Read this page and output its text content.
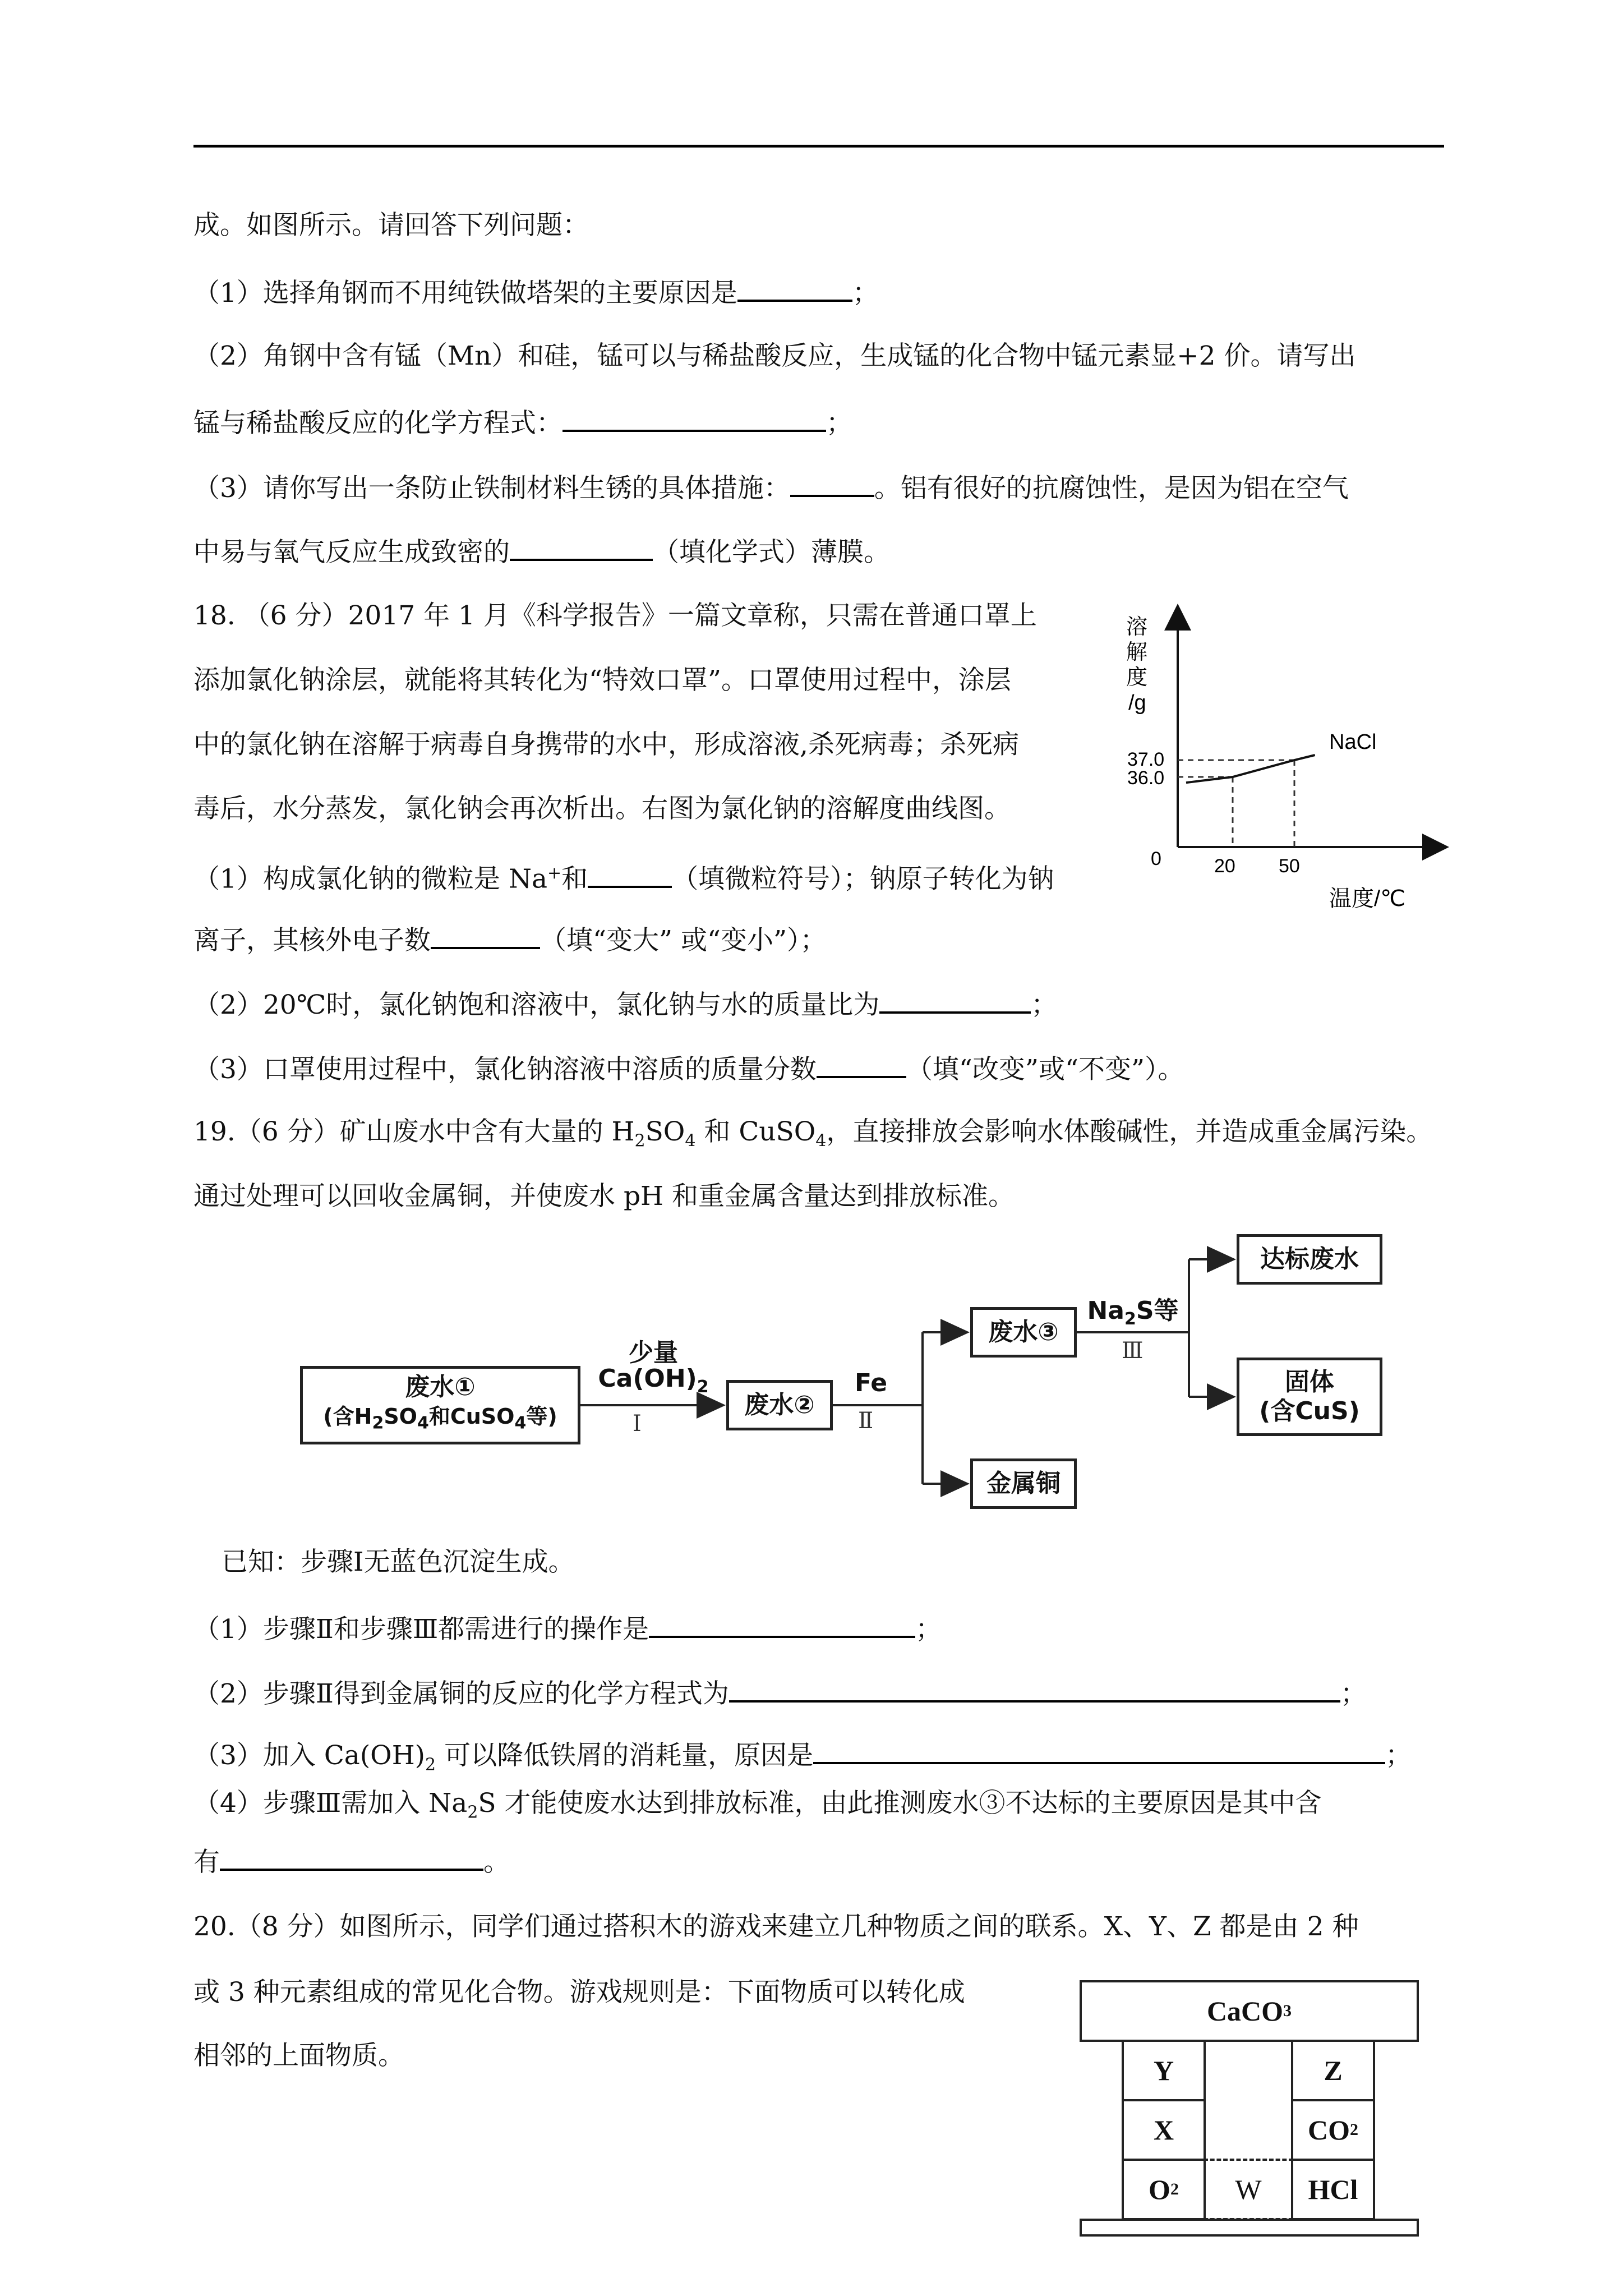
成。如图所示。请回答下列问题：
（1）选择角钢而不用纯铁做塔架的主要原因是	；
（2）角钢中含有锰（Mn）和硅，锰可以与稀盐酸反应，生成锰的化合物中锰元素显+2 价。请写出
锰与稀盐酸反应的化学方程式：	；
（3）请你写出一条防止铁制材料生锈的具体措施：	。铝有很好的抗腐蚀性，是因为铝在空气
中易与氧气反应生成致密的	（填化学式）薄膜。
18. （6 分）2017 年 1 月《科学报告》一篇文章称，只需在普通口罩上
添加氯化钠涂层，就能将其转化为“特效口罩”。口罩使用过程中，涂层
中的氯化钠在溶解于病毒自身携带的水中，形成溶液,杀死病毒；杀死病
毒后，水分蒸发，氯化钠会再次析出。右图为氯化钠的溶解度曲线图。
（1）构成氯化钠的微粒是 Na+和	（填微粒符号）；钠原子转化为钠
离子，其核外电子数	（填“变大” 或“变小”）；
（2）20℃时，氯化钠饱和溶液中，氯化钠与水的质量比为	；
（3）口罩使用过程中，氯化钠溶液中溶质的质量分数	（填“改变”或“不变”）。
溶
解
度
/g
0	20 50
温度/℃
37.0
36.0
NaCl
19.（6 分）矿山废水中含有大量的 $H_2SO_4$ 和 CuSO$_4$，直接排放会影响水体酸碱性，并造成重金属污染。
通过处理可以回收金属铜，并使废水 pH 和重金属含量达到排放标准。
废水①
(含$H_2SO_4$和CuSO$_4$等)	废水②
废水③
金属铜
达标废水
固体
(含CuS)
少量
$Ca(OH)_2$
Ⅰ
Fe
Ⅱ
$Na_2S$等
Ⅲ
已知：步骤Ⅰ无蓝色沉淀生成。
（1）步骤Ⅱ和步骤Ⅲ都需进行的操作是	；
（2）步骤Ⅱ得到金属铜的反应的化学方程式为	；
（3）加入 $Ca(OH)_2$ 可以降低铁屑的消耗量，原因是	；
（4）步骤Ⅲ需加入 $Na_2S$ 才能使废水达到排放标准，由此推测废水③不达标的主要原因是其中含
有	。
20.（8 分）如图所示，同学们通过搭积木的游戏来建立几种物质之间的联系。X、Y、Z 都是由 2 种
或 3 种元素组成的常见化合物。游戏规则是：下面物质可以转化成
相邻的上面物质。
CaCO 3
Y
X
O 2	W
Z
CO 2
HCl
